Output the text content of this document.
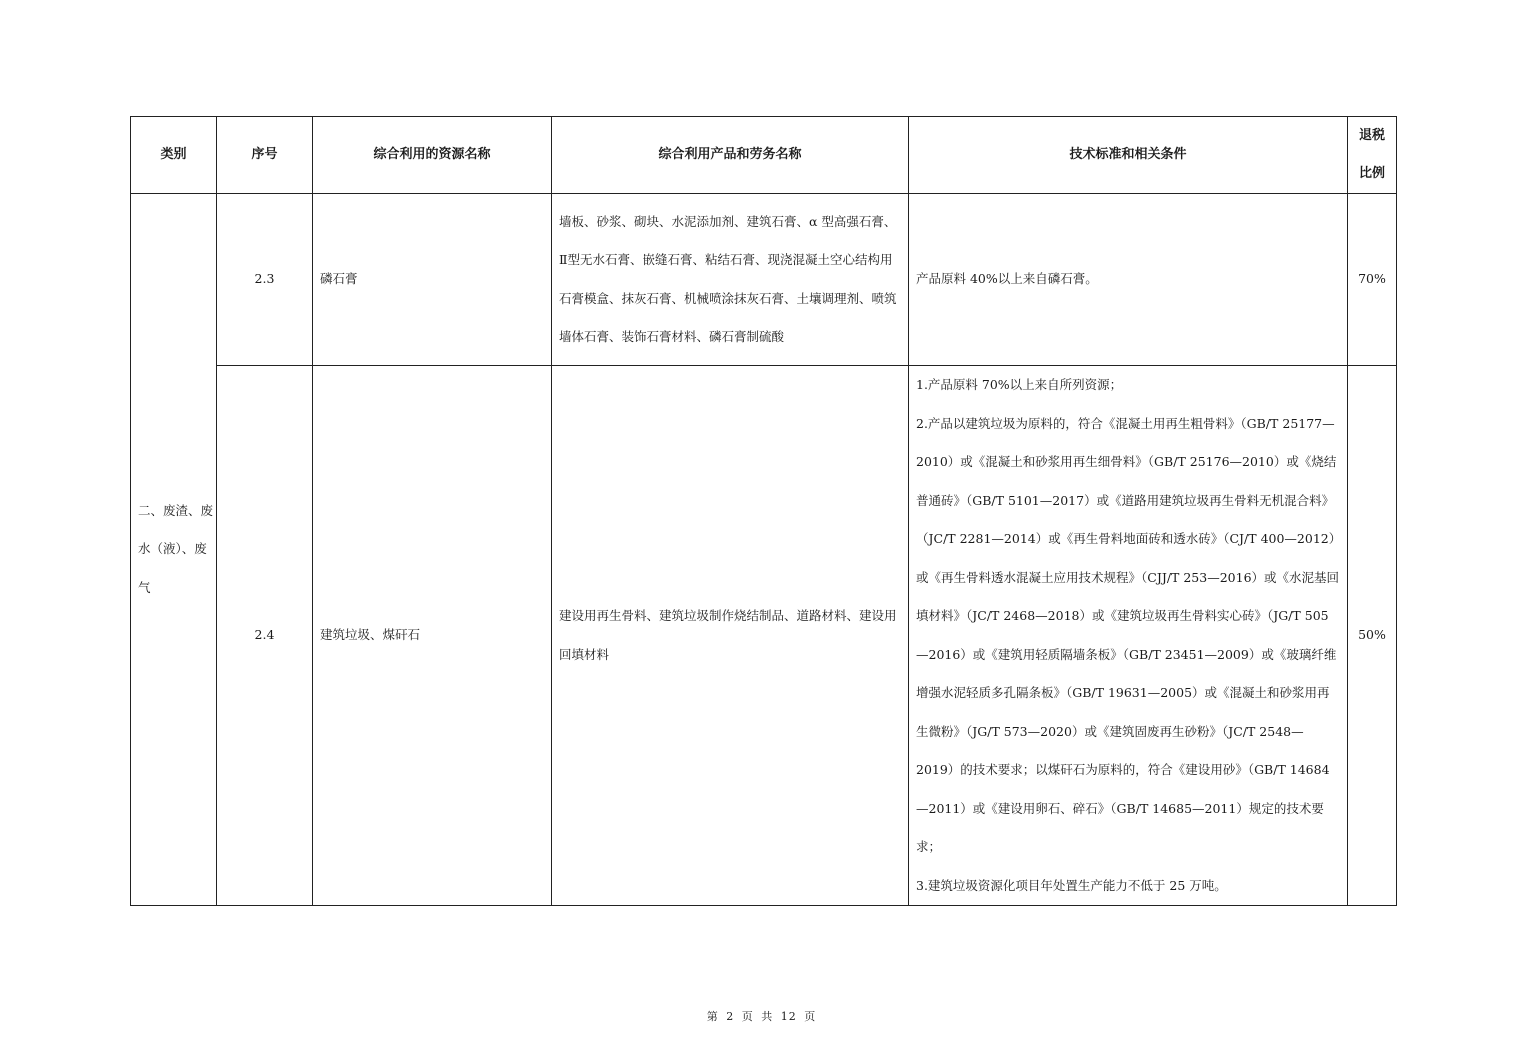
类别	序号	综合利用的资源名称	综合利用产品和劳务名称	技术标准和相关条件	退税
比例

二、废渣、废水（液）、废气	2.3	磷石膏	墙板、砂浆、砌块、水泥添加剂、建筑石膏、α 型高强石膏、Ⅱ型无水石膏、嵌缝石膏、粘结石膏、现浇混凝土空心结构用石膏模盒、抹灰石膏、机械喷涂抹灰石膏、土壤调理剂、喷筑墙体石膏、装饰石膏材料、磷石膏制硫酸	产品原料 40%以上来自磷石膏。	70%
	2.4	建筑垃圾、煤矸石	建设用再生骨料、建筑垃圾制作烧结制品、道路材料、建设用回填材料	1.产品原料 70%以上来自所列资源；
2.产品以建筑垃圾为原料的，符合《混凝土用再生粗骨料》（GB/T 25177—2010）或《混凝土和砂浆用再生细骨料》（GB/T 25176—2010）或《烧结普通砖》（GB/T 5101—2017）或《道路用建筑垃圾再生骨料无机混合料》（JC/T 2281—2014）或《再生骨料地面砖和透水砖》（CJ/T 400—2012）或《再生骨料透水混凝土应用技术规程》（CJJ/T 253—2016）或《水泥基回填材料》（JC/T 2468—2018）或《建筑垃圾再生骨料实心砖》（JG/T 505—2016）或《建筑用轻质隔墙条板》（GB/T 23451—2009）或《玻璃纤维增强水泥轻质多孔隔条板》（GB/T 19631—2005）或《混凝土和砂浆用再生微粉》（JG/T 573—2020）或《建筑固废再生砂粉》（JC/T 2548—2019）的技术要求；以煤矸石为原料的，符合《建设用砂》（GB/T 14684—2011）或《建设用卵石、碎石》（GB/T 14685—2011）规定的技术要求；
3.建筑垃圾资源化项目年处置生产能力不低于 25 万吨。	50%
第 2 页 共 12 页
